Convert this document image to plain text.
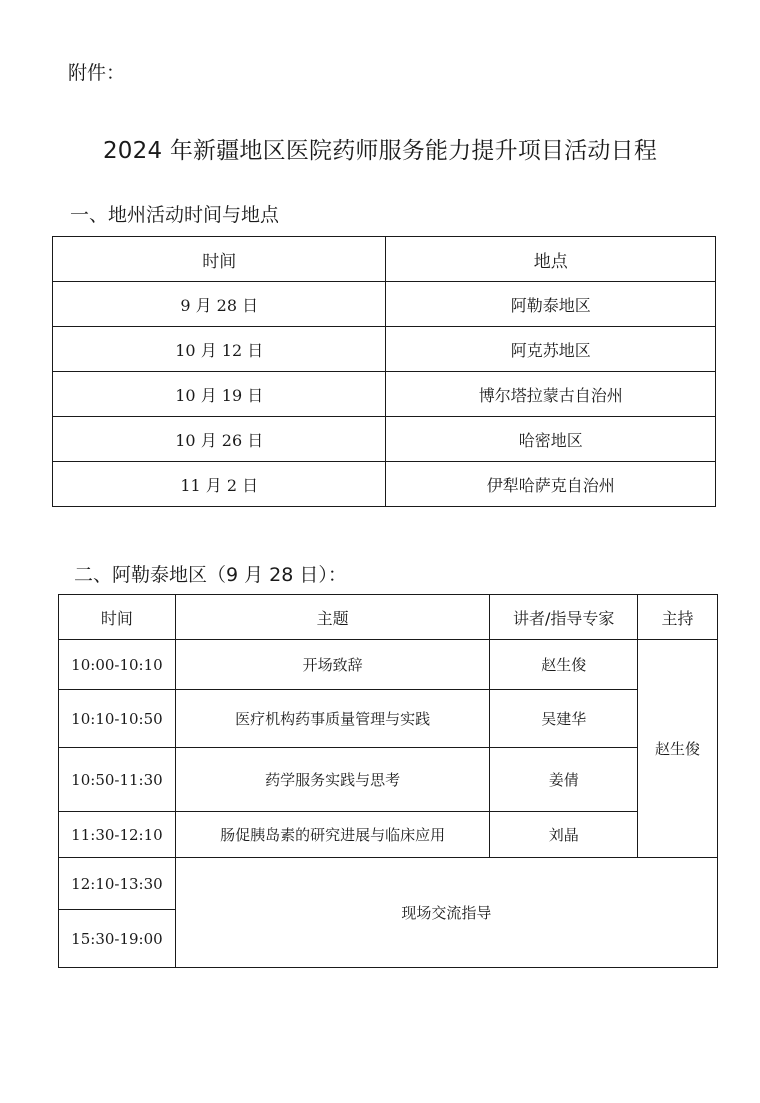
附件：
2024 年新疆地区医院药师服务能力提升项目活动日程
一、地州活动时间与地点
时间	地点
9 月 28 日	阿勒泰地区
10 月 12 日	阿克苏地区
10 月 19 日	博尔塔拉蒙古自治州
10 月 26 日	哈密地区
11 月 2 日	伊犁哈萨克自治州
二、阿勒泰地区（9 月 28 日）：
时间	主题	讲者/指导专家	主持
10:00-10:10	开场致辞	赵生俊	赵生俊
10:10-10:50	医疗机构药事质量管理与实践	吴建华	
10:50-11:30	药学服务实践与思考	姜倩	
11:30-12:10	肠促胰岛素的研究进展与临床应用	刘晶	
12:10-13:30	现场交流指导		
15:30-19:00			
